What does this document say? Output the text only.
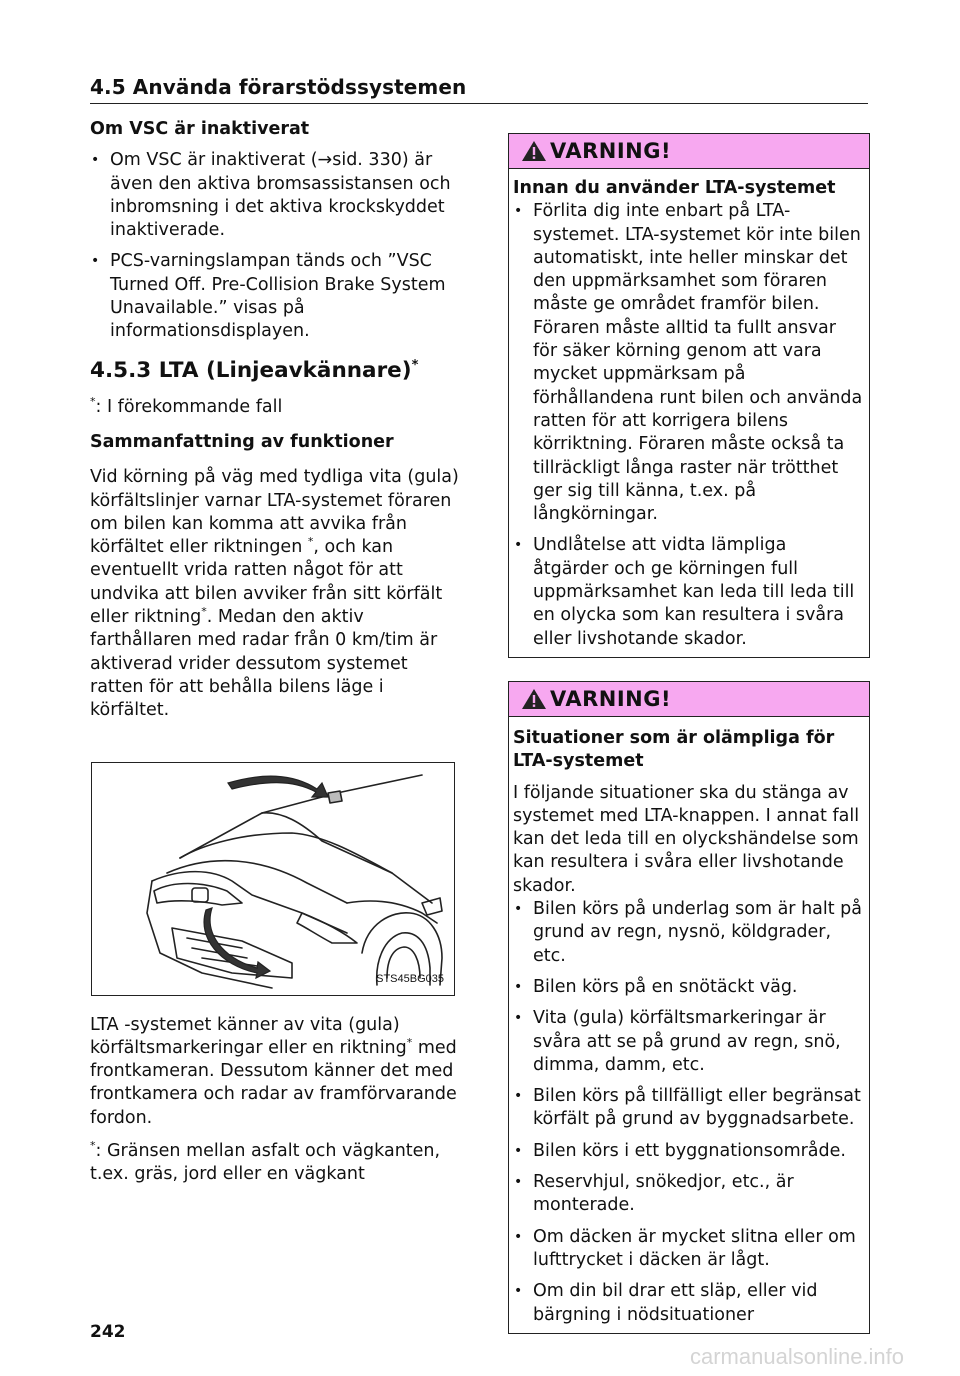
4.5 Använda förarstödssystemen

Om VSC är inaktiverat

• Om VSC är inaktiverat (→sid. 330) är även den aktiva bromsassistansen och inbromsning i det aktiva krockskyddet inaktiverade.
• PCS-varningslampan tänds och ”VSC Turned Off. Pre-Collision Brake System Unavailable.” visas på informationsdisplayen.

4.5.3 LTA (Linjeavkännare)*

*: I förekommande fall

Sammanfattning av funktioner

Vid körning på väg med tydliga vita (gula) körfältslinjer varnar LTA-systemet föraren om bilen kan komma att avvika från körfältet eller riktningen *, och kan eventuellt vrida ratten något för att undvika att bilen avviker från sitt körfält eller riktning*. Medan den aktiv farthållaren med radar från 0 km/tim är aktiverad vrider dessutom systemet ratten för att behålla bilens läge i körfältet.

STS45BG035

LTA -systemet känner av vita (gula) körfältsmarkeringar eller en riktning* med frontkameran. Dessutom känner det med frontkamera och radar av framförvarande fordon.

*: Gränsen mellan asfalt och vägkanten, t.ex. gräs, jord eller en vägkant

VARNING!

Innan du använder LTA-systemet

• Förlita dig inte enbart på LTA-systemet. LTA-systemet kör inte bilen automatiskt, inte heller minskar det den uppmärksamhet som föraren måste ge området framför bilen. Föraren måste alltid ta fullt ansvar för säker körning genom att vara mycket uppmärksam på förhållandena runt bilen och använda ratten för att korrigera bilens körriktning. Föraren måste också ta tillräckligt långa raster när trötthet ger sig till känna, t.ex. på långkörningar.
• Undlåtelse att vidta lämpliga åtgärder och ge körningen full uppmärksamhet kan leda till leda till en olycka som kan resultera i svåra eller livshotande skador.
VARNING!

Situationer som är olämpliga för LTA-systemet

I följande situationer ska du stänga av systemet med LTA-knappen. I annat fall kan det leda till en olyckshändelse som kan resultera i svåra eller livshotande skador.

• Bilen körs på underlag som är halt på grund av regn, nysnö, köldgrader, etc.
• Bilen körs på en snötäckt väg.
• Vita (gula) körfältsmarkeringar är svåra att se på grund av regn, snö, dimma, damm, etc.
• Bilen körs på tillfälligt eller begränsat körfält på grund av byggnadsarbete.
• Bilen körs i ett byggnationsområde.
• Reservhjul, snökedjor, etc., är monterade.
• Om däcken är mycket slitna eller om lufttrycket i däcken är lågt.
• Om din bil drar ett släp, eller vid bärgning i nödsituationer
242
carmanualsonline.info
